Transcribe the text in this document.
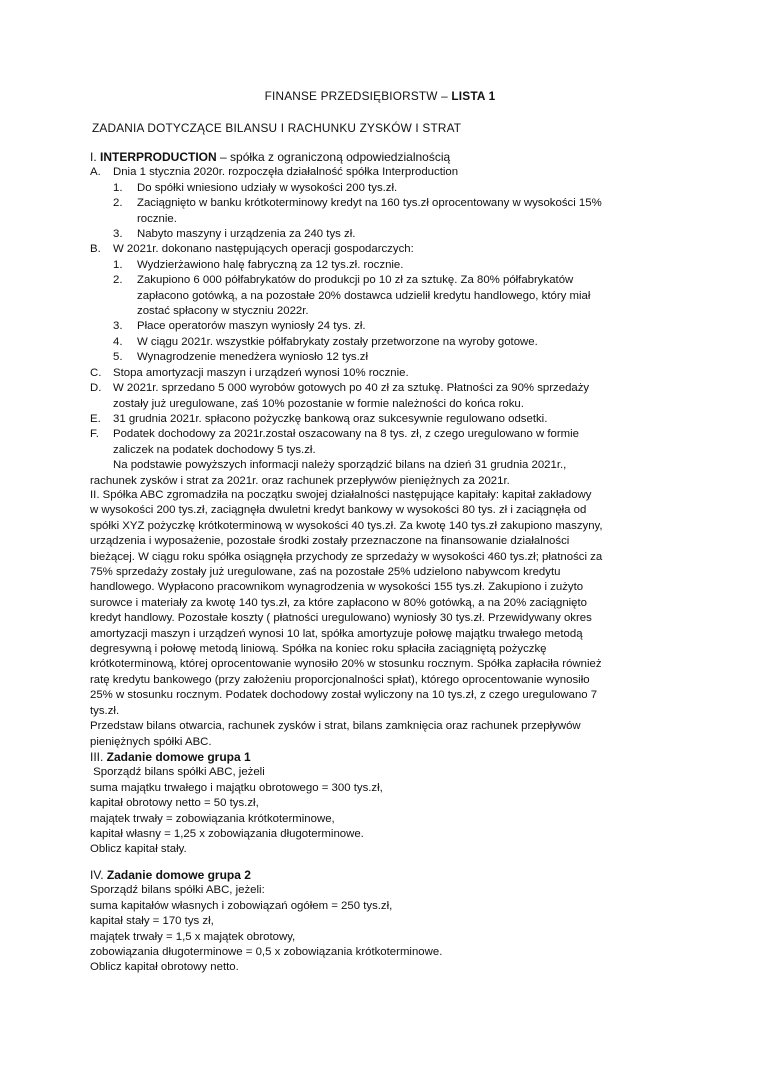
FINANSE PRZEDSIĘBIORSTW – LISTA 1
ZADANIA DOTYCZĄCE BILANSU I RACHUNKU ZYSKÓW I STRAT

I. INTERPRODUCTION – spółka z ograniczoną odpowiedzialnością

A. Dnia 1 stycznia 2020r. rozpoczęła działalność spółka Interproduction
1. Do spółki wniesiono udziały w wysokości 200 tys.zł.
2. Zaciągnięto w banku krótkoterminowy kredyt na 160 tys.zł oprocentowany w wysokości 15%
rocznie.
3. Nabyto maszyny i urządzenia za 240 tys zł.
B. W 2021r. dokonano następujących operacji gospodarczych:
1. Wydzierżawiono halę fabryczną za 12 tys.zł. rocznie.
2. Zakupiono 6 000 półfabrykatów do produkcji po 10 zł za sztukę. Za 80% półfabrykatów
zapłacono gotówką, a na pozostałe 20% dostawca udzielił kredytu handlowego, który miał
zostać spłacony w styczniu 2022r.
3. Płace operatorów maszyn wyniosły 24 tys. zł.
4. W ciągu 2021r. wszystkie półfabrykaty zostały przetworzone na wyroby gotowe.
5. Wynagrodzenie menedżera wyniosło 12 tys.zł
C. Stopa amortyzacji maszyn i urządzeń wynosi 10% rocznie.
D. W 2021r. sprzedano 5 000 wyrobów gotowych po 40 zł za sztukę. Płatności za 90% sprzedaży
zostały już uregulowane, zaś 10% pozostanie w formie należności do końca roku.
E. 31 grudnia 2021r. spłacono pożyczkę bankową oraz sukcesywnie regulowano odsetki.
F. Podatek dochodowy za 2021r.został oszacowany na 8 tys. zł, z czego uregulowano w formie
zaliczek na podatek dochodowy 5 tys.zł.
Na podstawie powyższych informacji należy sporządzić bilans na dzień 31 grudnia 2021r.,
rachunek zysków i strat za 2021r. oraz rachunek przepływów pieniężnych za 2021r.
II. Spółka ABC zgromadziła na początku swojej działalności następujące kapitały: kapitał zakładowy
w wysokości 200 tys.zł, zaciągnęła dwuletni kredyt bankowy w wysokości 80 tys. zł i zaciągnęła od
spółki XYZ pożyczkę krótkoterminową w wysokości 40 tys.zł. Za kwotę 140 tys.zł zakupiono maszyny,
urządzenia i wyposażenie, pozostałe środki zostały przeznaczone na finansowanie działalności
bieżącej. W ciągu roku spółka osiągnęła przychody ze sprzedaży w wysokości 460 tys.zł; płatności za
75% sprzedaży zostały już uregulowane, zaś na pozostałe 25% udzielono nabywcom kredytu
handlowego. Wypłacono pracownikom wynagrodzenia w wysokości 155 tys.zł. Zakupiono i zużyto
surowce i materiały za kwotę 140 tys.zł, za które zapłacono w 80% gotówką, a na 20% zaciągnięto
kredyt handlowy. Pozostałe koszty ( płatności uregulowano) wyniosły 30 tys.zł. Przewidywany okres
amortyzacji maszyn i urządzeń wynosi 10 lat, spółka amortyzuje połowę majątku trwałego metodą
degresywną i połowę metodą liniową. Spółka na koniec roku spłaciła zaciągniętą pożyczkę
krótkoterminową, której oprocentowanie wynosiło 20% w stosunku rocznym. Spółka zapłaciła również
ratę kredytu bankowego (przy założeniu proporcjonalności spłat), którego oprocentowanie wynosiło
25% w stosunku rocznym. Podatek dochodowy został wyliczony na 10 tys.zł, z czego uregulowano 7
tys.zł.
Przedstaw bilans otwarcia, rachunek zysków i strat, bilans zamknięcia oraz rachunek przepływów
pieniężnych spółki ABC.

III. Zadanie domowe grupa 1

Sporządź bilans spółki ABC, jeżeli
suma majątku trwałego i majątku obrotowego = 300 tys.zł,
kapitał obrotowy netto = 50 tys.zł,
majątek trwały = zobowiązania krótkoterminowe,
kapitał własny = 1,25 x zobowiązania długoterminowe.
Oblicz kapitał stały.

IV. Zadanie domowe grupa 2

Sporządź bilans spółki ABC, jeżeli:
suma kapitałów własnych i zobowiązań ogółem = 250 tys.zł,
kapitał stały = 170 tys zł,
majątek trwały = 1,5 x majątek obrotowy,
zobowiązania długoterminowe = 0,5 x zobowiązania krótkoterminowe.
Oblicz kapitał obrotowy netto.
